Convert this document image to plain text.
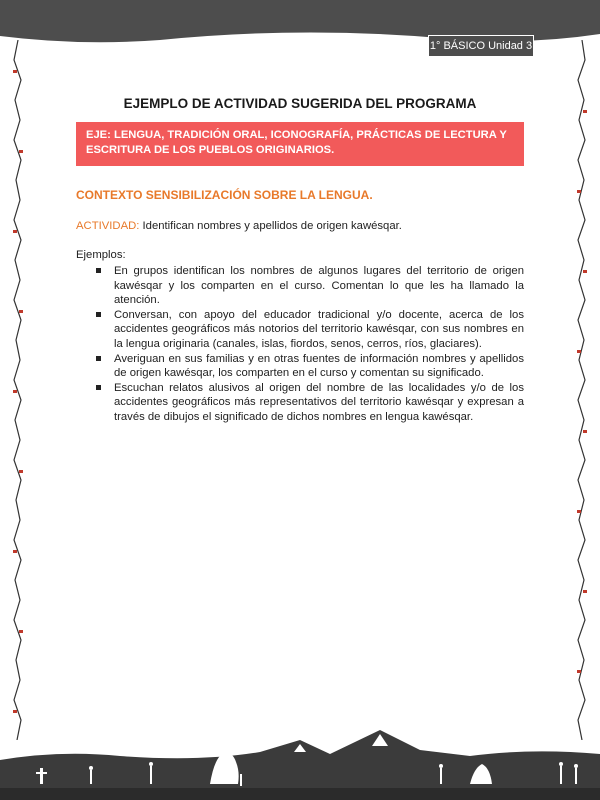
1° BÁSICO Unidad 3
EJEMPLO DE ACTIVIDAD SUGERIDA DEL PROGRAMA
EJE: LENGUA, TRADICIÓN ORAL, ICONOGRAFÍA, PRÁCTICAS DE LECTURA Y ESCRITURA DE LOS PUEBLOS ORIGINARIOS.
CONTEXTO SENSIBILIZACIÓN SOBRE LA LENGUA.
ACTIVIDAD: Identifican nombres y apellidos de origen kawésqar.
Ejemplos:
En grupos identifican los nombres de algunos lugares del territorio de origen kawésqar y los comparten en el curso. Comentan lo que les ha llamado la atención.
Conversan, con apoyo del educador tradicional y/o docente, acerca de los accidentes geográficos más notorios del territorio kawésqar, con sus nombres en la lengua originaria (canales, islas, fiordos, senos, cerros, ríos, glaciares).
Averiguan en sus familias y en otras fuentes de información nombres y apellidos de origen kawésqar, los comparten en el curso y comentan su significado.
Escuchan relatos alusivos al origen del nombre de las localidades y/o de los accidentes geográficos más representativos del territorio kawésqar y expresan a través de dibujos el significado de dichos nombres en lengua kawésqar.
